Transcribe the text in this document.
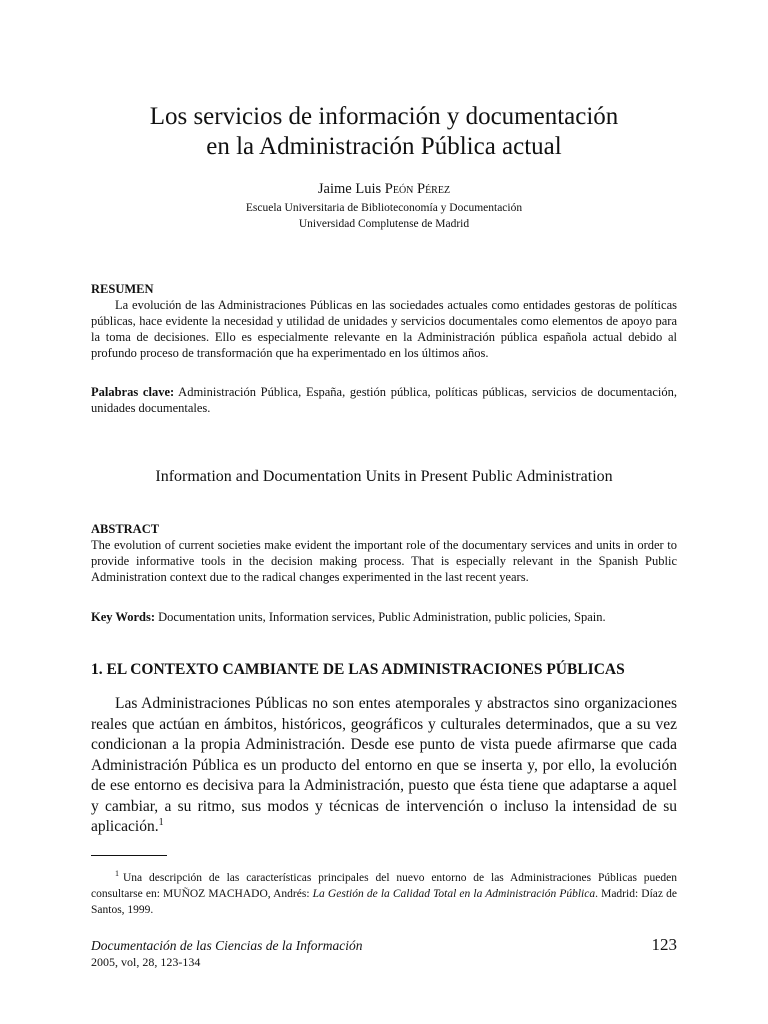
Los servicios de información y documentación
en la Administración Pública actual
Jaime Luis Peón Pérez
Escuela Universitaria de Biblioteconomía y Documentación
Universidad Complutense de Madrid
RESUMEN

La evolución de las Administraciones Públicas en las sociedades actuales como entidades gestoras de políticas públicas, hace evidente la necesidad y utilidad de unidades y servicios documentales como elementos de apoyo para la toma de decisiones. Ello es especialmente relevante en la Administración pública española actual debido al profundo proceso de transformación que ha experimentado en los últimos años.

Palabras clave: Administración Pública, España, gestión pública, políticas públicas, servicios de documentación, unidades documentales.
Information and Documentation Units in Present Public Administration
ABSTRACT

The evolution of current societies make evident the important role of the documentary services and units in order to provide informative tools in the decision making process. That is especially relevant in the Spanish Public Administration context due to the radical changes experimented in the last recent years.

Key Words: Documentation units, Information services, Public Administration, public policies, Spain.
1. EL CONTEXTO CAMBIANTE DE LAS ADMINISTRACIONES PÚBLICAS

Las Administraciones Públicas no son entes atemporales y abstractos sino organizaciones reales que actúan en ámbitos, históricos, geográficos y culturales determinados, que a su vez condicionan a la propia Administración. Desde ese punto de vista puede afirmarse que cada Administración Pública es un producto del entorno en que se inserta y, por ello, la evolución de ese entorno es decisiva para la Administración, puesto que ésta tiene que adaptarse a aquel y cambiar, a su ritmo, sus modos y técnicas de intervención o incluso la intensidad de su aplicación.$^1$

$^1$ Una descripción de las características principales del nuevo entorno de las Administraciones Públicas pueden consultarse en: MUÑOZ MACHADO, Andrés: La Gestión de la Calidad Total en la Administración Pública. Madrid: Díaz de Santos, 1999.

Documentación de las Ciencias de la Información
2005, vol, 28, 123-134
123
